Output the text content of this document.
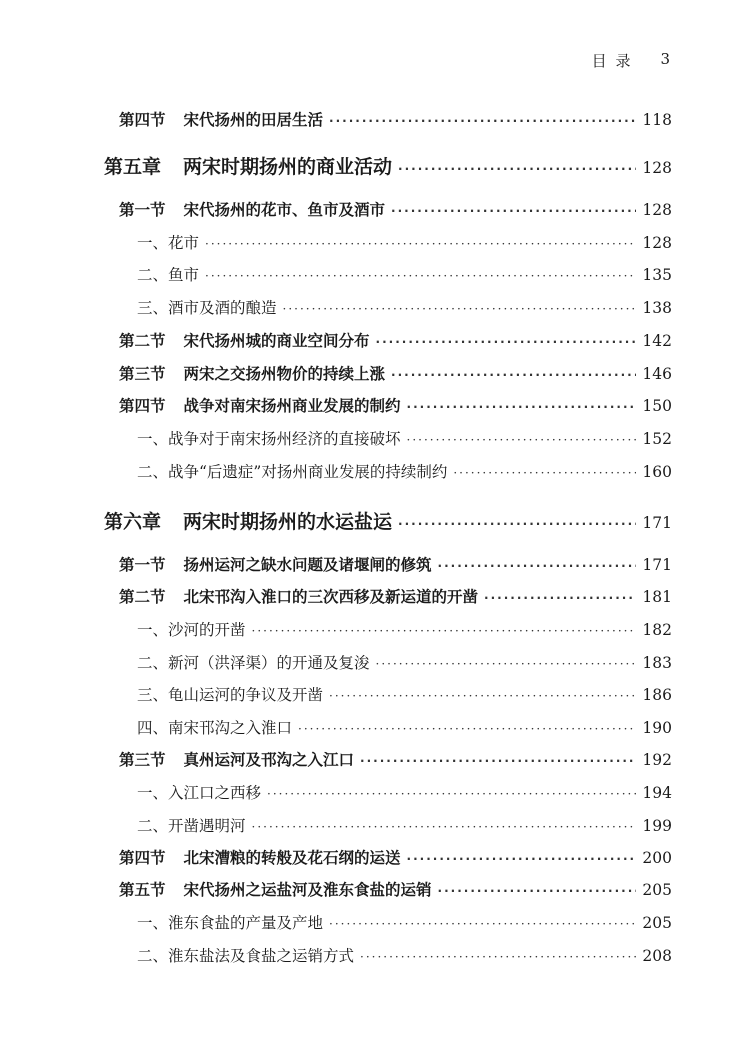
目 录 3
第四节 宋代扬州的田居生活 ·····	118
第五章 两宋时期扬州的商业活动 ·····	128
第一节 宋代扬州的花市、鱼市及酒市 ·····	128
一、花市 ·····	128
二、鱼市 ·····	135
三、酒市及酒的酿造 ·····	138
第二节 宋代扬州城的商业空间分布 ·····	142
第三节 两宋之交扬州物价的持续上涨 ·····	146
第四节 战争对南宋扬州商业发展的制约 ·····	150
一、战争对于南宋扬州经济的直接破坏 ·····	152
二、战争“后遗症”对扬州商业发展的持续制约 ·····	160
第六章 两宋时期扬州的水运盐运 ·····	171
第一节 扬州运河之缺水问题及诸堰闸的修筑 ·····	171
第二节 北宋邗沟入淮口的三次西移及新运道的开凿 ·····	181
一、沙河的开凿 ·····	182
二、新河（洪泽渠）的开通及复浚 ·····	183
三、龟山运河的争议及开凿 ·····	186
四、南宋邗沟之入淮口 ·····	190
第三节 真州运河及邗沟之入江口 ·····	192
一、入江口之西移 ·····	194
二、开凿遇明河 ·····	199
第四节 北宋漕粮的转般及花石纲的运送 ·····	200
第五节 宋代扬州之运盐河及淮东食盐的运销 ·····	205
一、淮东食盐的产量及产地 ·····	205
二、淮东盐法及食盐之运销方式 ·····	208
